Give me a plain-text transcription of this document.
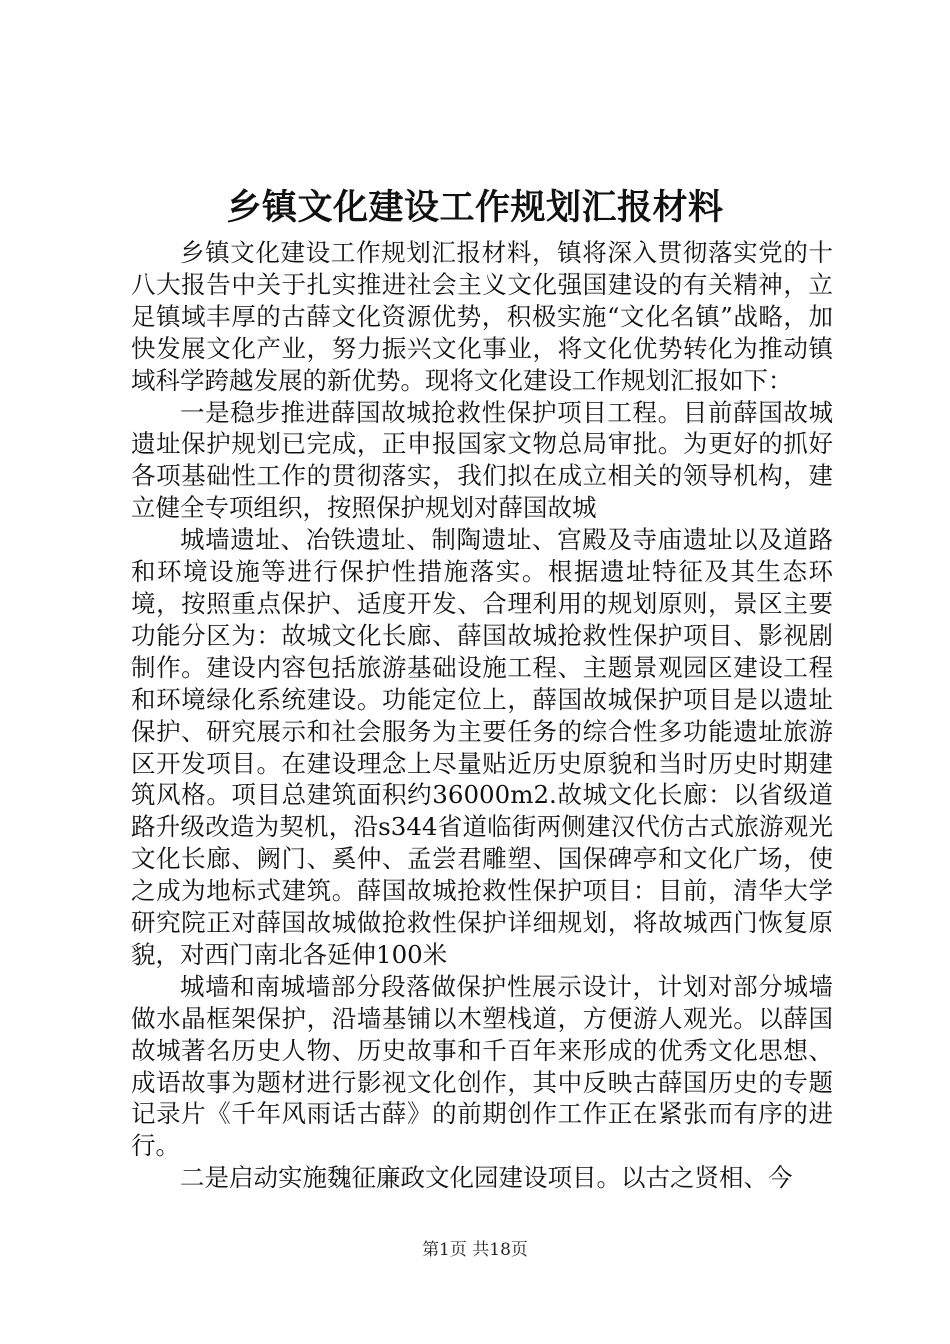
乡镇文化建设工作规划汇报材料

乡镇文化建设工作规划汇报材料，镇将深入贯彻落实党的十八大报告中关于扎实推进社会主义文化强国建设的有关精神，立足镇域丰厚的古薛文化资源优势，积极实施“文化名镇”战略，加快发展文化产业，努力振兴文化事业，将文化优势转化为推动镇域科学跨越发展的新优势。现将文化建设工作规划汇报如下：

一是稳步推进薛国故城抢救性保护项目工程。目前薛国故城遗址保护规划已完成，正申报国家文物总局审批。为更好的抓好各项基础性工作的贯彻落实，我们拟在成立相关的领导机构，建立健全专项组织，按照保护规划对薛国故城

城墙遗址、冶铁遗址、制陶遗址、宫殿及寺庙遗址以及道路和环境设施等进行保护性措施落实。根据遗址特征及其生态环境，按照重点保护、适度开发、合理利用的规划原则，景区主要功能分区为：故城文化长廊、薛国故城抢救性保护项目、影视剧制作。建设内容包括旅游基础设施工程、主题景观园区建设工程和环境绿化系统建设。功能定位上，薛国故城保护项目是以遗址保护、研究展示和社会服务为主要任务的综合性多功能遗址旅游区开发项目。在建设理念上尽量贴近历史原貌和当时历史时期建筑风格。项目总建筑面积约36000m2.故城文化长廊：以省级道路升级改造为契机，沿s344省道临街两侧建汉代仿古式旅游观光文化长廊、阙门、奚仲、孟尝君雕塑、国保碑亭和文化广场，使之成为地标式建筑。薛国故城抢救性保护项目：目前，清华大学研究院正对薛国故城做抢救性保护详细规划，将故城西门恢复原貌，对西门南北各延伸100米

城墙和南城墙部分段落做保护性展示设计，计划对部分城墙做水晶框架保护，沿墙基铺以木塑栈道，方便游人观光。以薛国故城著名历史人物、历史故事和千百年来形成的优秀文化思想、成语故事为题材进行影视文化创作，其中反映古薛国历史的专题记录片《千年风雨话古薛》的前期创作工作正在紧张而有序的进行。

二是启动实施魏征廉政文化园建设项目。以古之贤相、今

第1页 共18页
